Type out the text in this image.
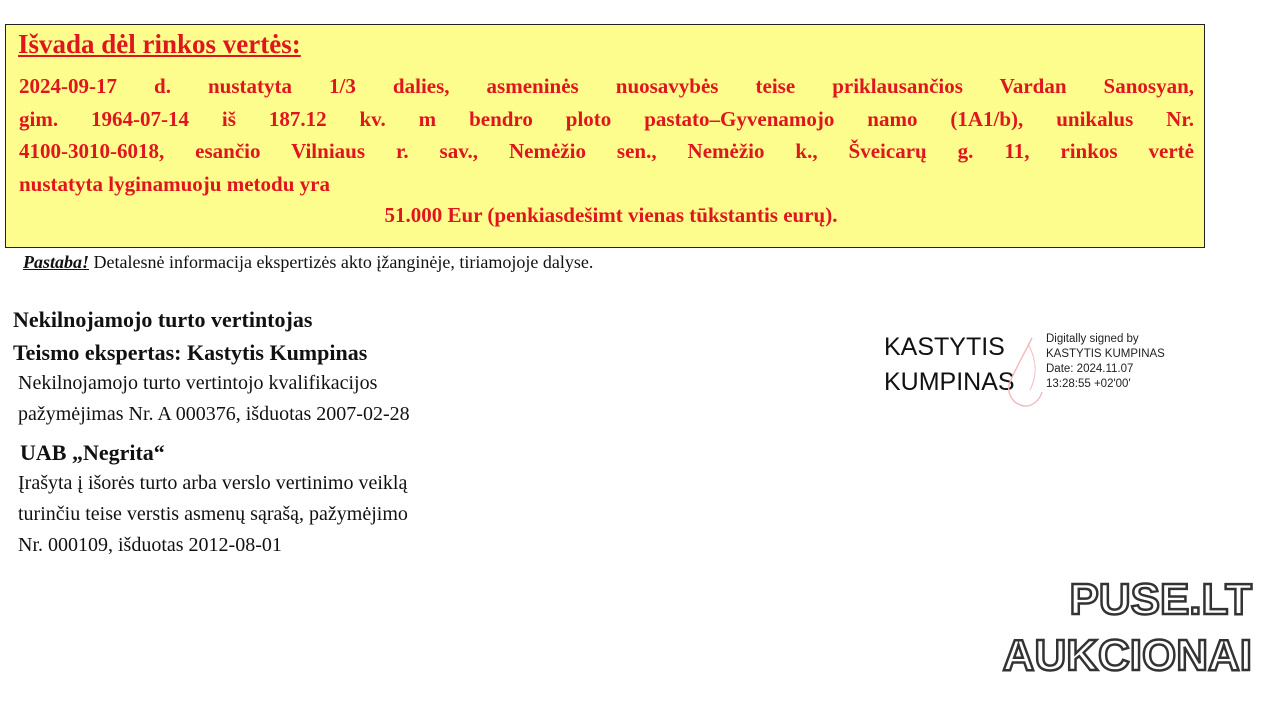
Išvada dėl rinkos vertės:
2024-09-17 d. nustatyta 1/3 dalies, asmeninės nuosavybės teise priklausančios Vardan Sanosyan,
gim. 1964-07-14 iš 187.12 kv. m bendro ploto pastato–Gyvenamojo namo (1A1/b), unikalus Nr.
4100-3010-6018, esančio Vilniaus r. sav., Nemėžio sen., Nemėžio k., Šveicarų g. 11, rinkos vertė
nustatyta lyginamuoju metodu yra
51.000 Eur (penkiasdešimt vienas tūkstantis eurų).
Pastaba! Detalesnė informacija ekspertizės akto įžanginėje, tiriamojoje dalyse.
Nekilnojamojo turto vertintojas
Teismo ekspertas: Kastytis Kumpinas
Nekilnojamojo turto vertintojo kvalifikacijos
pažymėjimas Nr. A 000376, išduotas 2007-02-28
UAB „Negrita“
Įrašyta į išorės turto arba verslo vertinimo veiklą
turinčiu teise verstis asmenų sąrašą, pažymėjimo
Nr. 000109, išduotas 2012-08-01
KASTYTIS
KUMPINAS
Digitally signed by
KASTYTIS KUMPINAS
Date: 2024.11.07
13:28:55 +02'00'
PUSE.LT
AUKCIONAI
